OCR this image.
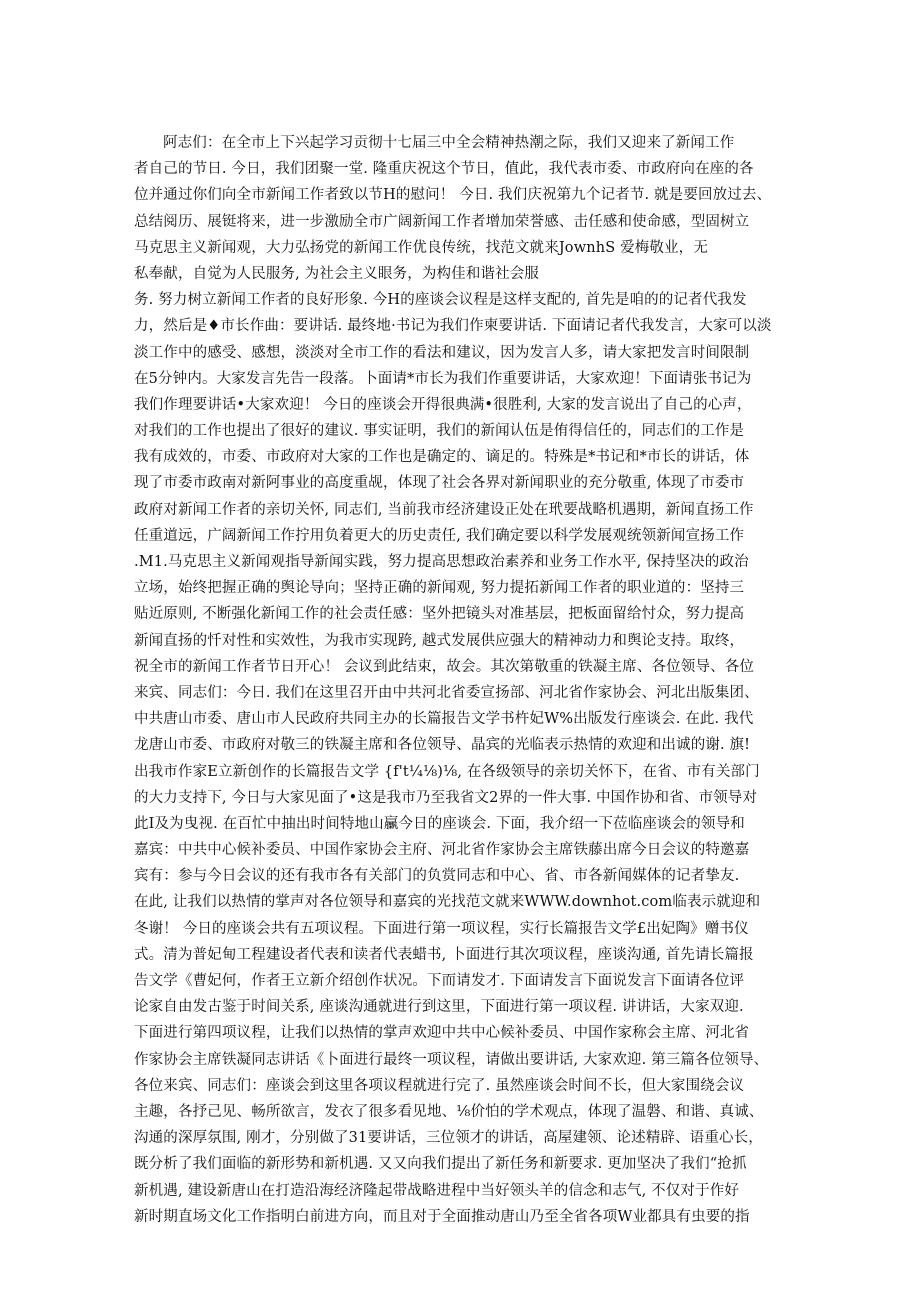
阿志们：在全市上下兴起学习贡彻十七届三中全会精神热潮之际，我们又迎来了新闻工作
者自己的节日. 今日，我们团聚一堂. 隆重庆祝这个节日，值此，我代表市委、市政府向在座的各
位并通过你们向全市新闻工作者致以节H的慰问！ 今日. 我们庆祝第九个记者节. 就是要回放过去、
总结阅历、展铤将来，进一步激励全市广阔新闻工作者增加荣誉感、击任感和使命感，型固树立
马克思主义新闻观，大力弘扬党的新闻工作优良传统，找范文就来JownhS 爱梅敬业，无
私奉献，自觉为人民服务, 为社会主义眼务，为构佳和谐社会服
务. 努力树立新闻工作者的良好形象. 今H的座谈会议程是这样支配的, 首先是咱的的记者代我发
力，然后是♦市长作曲：要讲话. 最终地·书记为我们作柬要讲话. 下面请记者代我发言，大家可以淡
淡工作中的感受、感想，淡淡对全市工作的看法和建议，因为发言人多，请大家把发言时间限制
在5分钟内。大家发言先告一段落。卜面请*市长为我们作重要讲话，大家欢迎！下面请张书记为
我们作理要讲话•大家欢迎！ 今日的座谈会开得很典满•很胜利, 大家的发言说出了自己的心声，
对我们的工作也提出了很好的建议. 事实证明，我们的新闻认伍是侑得信任的，同志们的工作是
我有成效的，市委、市政府对大家的工作也是确定的、谪足的。特殊是*书记和*市长的讲话，体
现了市委市政南对新阿事业的高度重觇，体现了社会各界对新闻职业的充分敬重, 体现了市委市
政府对新闻工作者的亲切关怀, 同志们, 当前我市经济建设正处在玳要战略机遇期，新闻直扬工作
任重道远，广阔新闻工作拧用负着更大的历史责任, 我们确定要以科学发展观统领新闻宣扬工作
.M1.马克思主义新闻观指导新闻实践，努力提高思想政治素养和业务工作水平, 保持坚决的政治
立场，始终把握正确的舆论导向；坚持正确的新闻观, 努力提拓新闻工作者的职业道的：坚持三
贴近原则, 不断强化新闻工作的社会责任感：坚外把镜头对准基层，把板面留给忖众，努力提高
新闻直扬的忏对性和实效性，为我市实现跨, 越式发展供应强大的精神动力和舆论支持。取终，
祝全市的新闻工作者节日开心！ 会议到此结束，故会。其次第敬重的铁凝主席、各位领导、各位
来宾、同志们：今日. 我们在这里召开由中共河北省委宣扬部、河北省作家协会、河北出版集团、
中共唐山市委、唐山市人民政府共同主办的长篇报告文学书杵妃W%出版发行座谈会. 在此. 我代
龙唐山市委、市政府对敬三的铁凝主席和各位领导、晶宾的光临表示热情的欢迎和出诚的谢. 旗!
出我市作家E立新创作的长篇报告文学 {f't¼⅛)⅛, 在各级领导的亲切关怀下，在省、市有关部门
的大力支持下, 今日与大家见面了•这是我市乃至我省文2界的一件大事. 中国作协和省、市领导对
此I及为曳视. 在百忙中抽出时间特地山臝今日的座谈会. 下面，我介绍一下莅临座谈会的领导和
嘉宾：中共中心候补委员、中国作家协会主府、河北省作家协会主席铁藤出席今日会议的特邀嘉
宾有：参与今日会议的还有我市各有关部门的负赏同志和中心、省、市各新闻媒体的记者挚友.
在此, 让我们以热情的掌声对各位领导和嘉宾的光找范文就来WWW.downhot.com临表示就迎和
冬谢！ 今日的座谈会共有五项议程。下面进行第一项议程，实行长篇报告文学£出妃陶》赠书仪
式。清为普妃甸工程建设者代表和读者代表蜡书, 卜面进行其次项议程，座谈沟通, 首先请长篇报
告文学《曹妃何，作者王立新介绍创作状况。下而请发才. 下面请发言下面说发言下面请各位评
论家自由发古鉴于时间关系, 座谈沟通就进行到这里，下面进行第一项议程. 讲讲话，大家双迎.
下面进行第四项议程，让我们以热情的掌声欢迎中共中心候补委员、中国作家称会主席、河北省
作家协会主席铁凝同志讲话《卜面进行最终一项议程，请做出要讲话, 大家欢迎. 第三篇各位领导、
各位来宾、同志们：座谈会到这里各项议程就进行完了. 虽然座谈会时间不长，但大家围绕会议
主趣，各抒己见、畅所欲言，发衣了很多看见地、⅛价怕的学术观点，体现了温磐、和谐、真诚、
沟通的深厚氛围, 刚才，分别做了31要讲话，三位领才的讲话，高屋建领、论述精辟、语重心长，
既分析了我们面临的新形势和新机遇. 又又向我们提出了新任务和新要求. 更加坚决了我们“抢抓
新机遇, 建设新唐山在打造沿海经济隆起带战略进程中当好领头羊的信念和志气, 不仅对于作好
新时期直场文化工作指明白前进方向，而且对于全面推动唐山乃至全省各项W业都具有虫要的指
